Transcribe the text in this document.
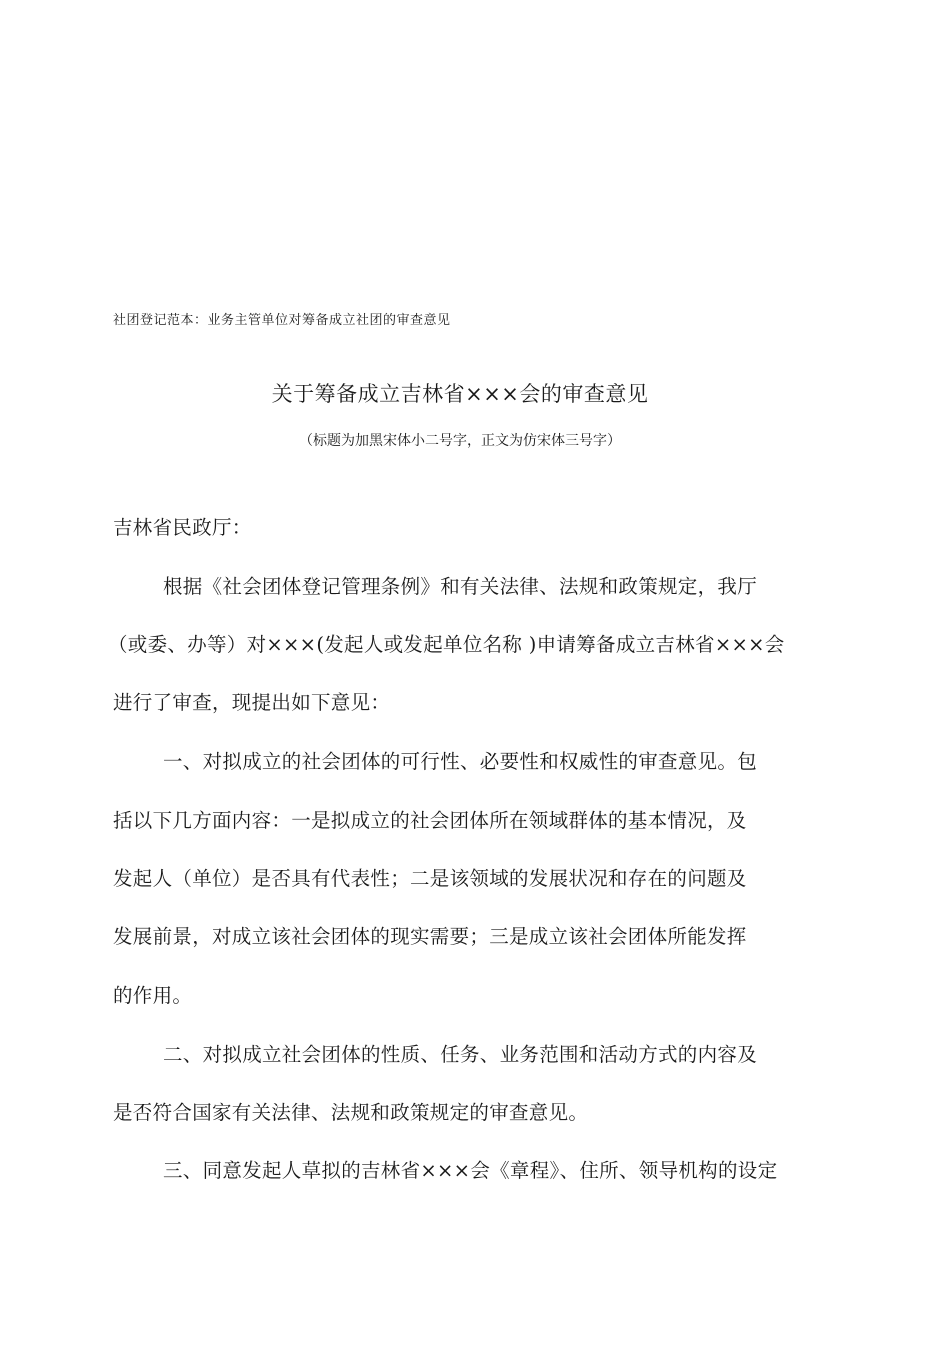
社团登记范本：业务主管单位对筹备成立社团的审查意见
关于筹备成立吉林省×××会的审查意见
（标题为加黑宋体小二号字，正文为仿宋体三号字）
吉林省民政厅：
根据《社会团体登记管理条例》和有关法律、法规和政策规定，我厅
（或委、办等）对×××(发起人或发起单位名称 )申请筹备成立吉林省×××会
进行了审查，现提出如下意见：
一、对拟成立的社会团体的可行性、必要性和权威性的审查意见。包
括以下几方面内容：一是拟成立的社会团体所在领域群体的基本情况，及
发起人（单位）是否具有代表性；二是该领域的发展状况和存在的问题及
发展前景，对成立该社会团体的现实需要；三是成立该社会团体所能发挥
的作用。
二、对拟成立社会团体的性质、任务、业务范围和活动方式的内容及
是否符合国家有关法律、法规和政策规定的审查意见。
三、同意发起人草拟的吉林省×××会《章程》、住所、领导机构的设定
